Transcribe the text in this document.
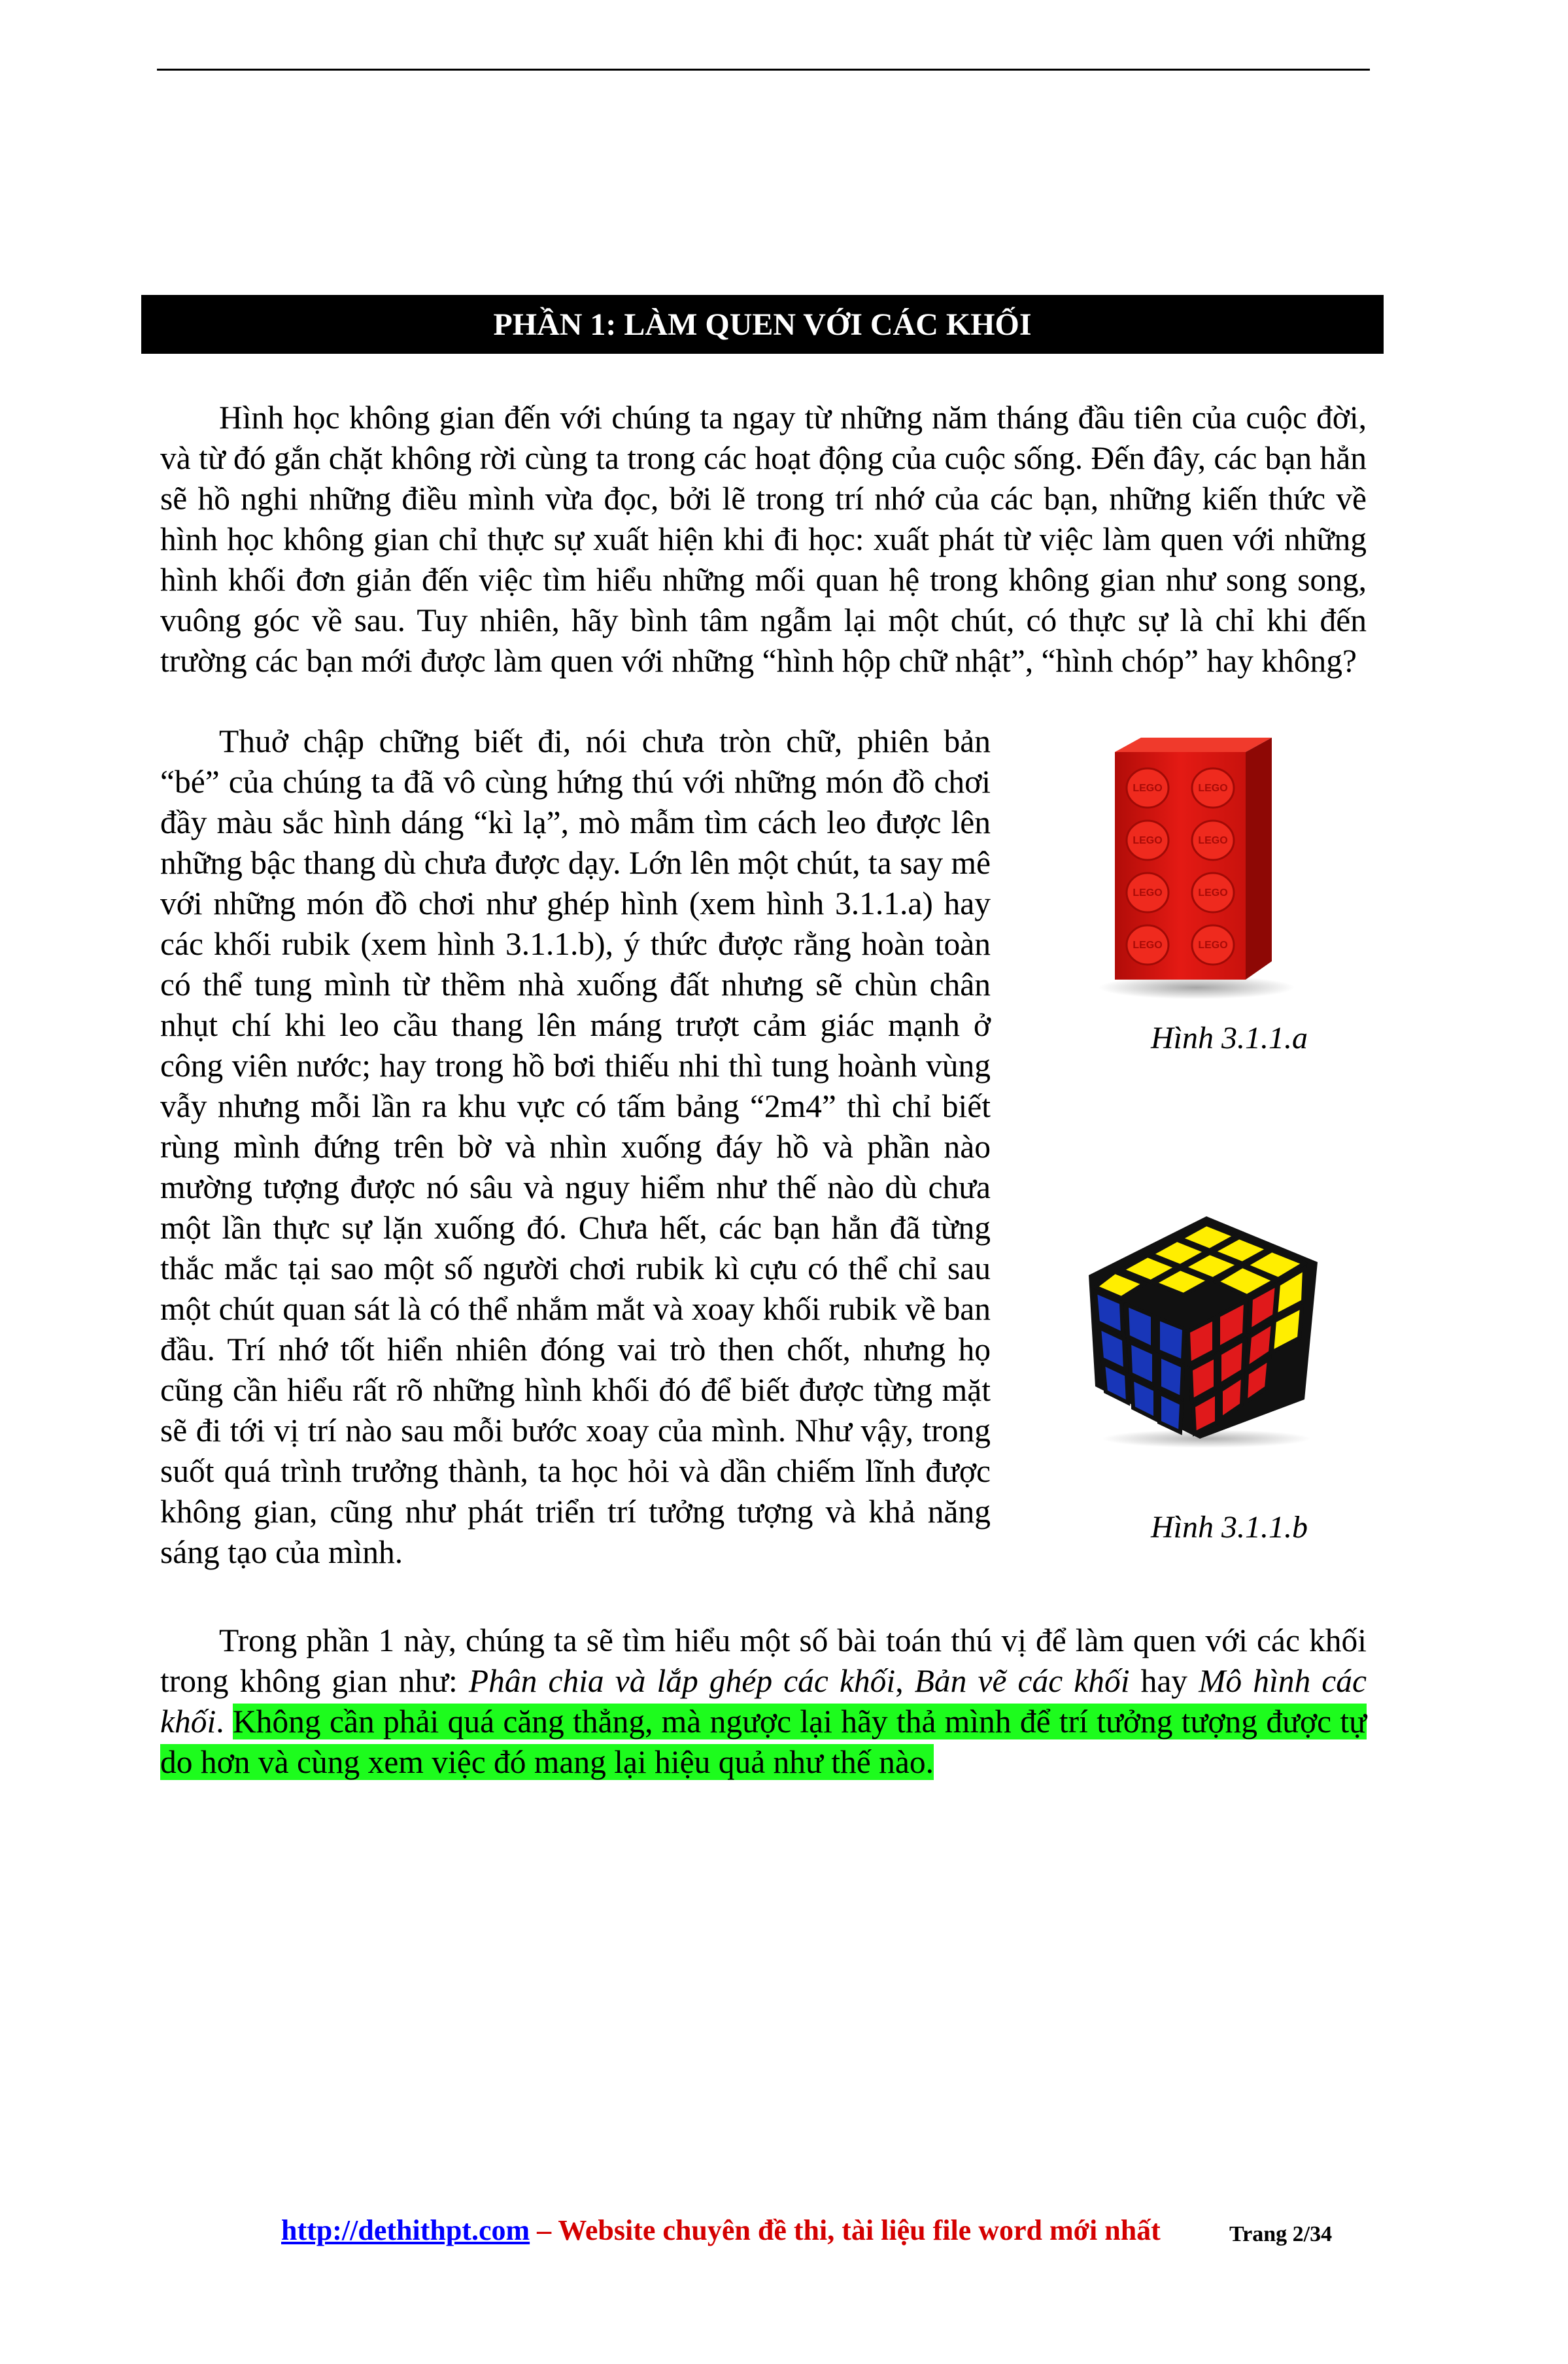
PHẦN 1: LÀM QUEN VỚI CÁC KHỐI

Hình học không gian đến với chúng ta ngay từ những năm tháng đầu tiên của cuộc đời, và từ đó gắn chặt không rời cùng ta trong các hoạt động của cuộc sống. Đến đây, các bạn hẳn sẽ hồ nghi những điều mình vừa đọc, bởi lẽ trong trí nhớ của các bạn, những kiến thức về hình học không gian chỉ thực sự xuất hiện khi đi học: xuất phát từ việc làm quen với những hình khối đơn giản đến việc tìm hiểu những mối quan hệ trong không gian như song song, vuông góc về sau. Tuy nhiên, hãy bình tâm ngẫm lại một chút, có thực sự là chỉ khi đến trường các bạn mới được làm quen với những “hình hộp chữ nhật”, “hình chóp” hay không?

Thuở chập chững biết đi, nói chưa tròn chữ, phiên bản “bé” của chúng ta đã vô cùng hứng thú với những món đồ chơi đầy màu sắc hình dáng “kì lạ”, mò mẫm tìm cách leo được lên những bậc thang dù chưa được dạy. Lớn lên một chút, ta say mê với những món đồ chơi như ghép hình (xem hình 3.1.1.a) hay các khối rubik (xem hình 3.1.1.b), ý thức được rằng hoàn toàn có thể tung mình từ thềm nhà xuống đất nhưng sẽ chùn chân nhụt chí khi leo cầu thang lên máng trượt cảm giác mạnh ở công viên nước; hay trong hồ bơi thiếu nhi thì tung hoành vùng vẫy nhưng mỗi lần ra khu vực có tấm bảng “2m4” thì chỉ biết rùng mình đứng trên bờ và nhìn xuống đáy hồ và phần nào mường tượng được nó sâu và nguy hiểm như thế nào dù chưa một lần thực sự lặn xuống đó. Chưa hết, các bạn hẳn đã từng thắc mắc tại sao một số người chơi rubik kì cựu có thể chỉ sau một chút quan sát là có thể nhắm mắt và xoay khối rubik về ban đầu. Trí nhớ tốt hiển nhiên đóng vai trò then chốt, nhưng họ cũng cần hiểu rất rõ những hình khối đó để biết được từng mặt sẽ đi tới vị trí nào sau mỗi bước xoay của mình. Như vậy, trong suốt quá trình trưởng thành, ta học hỏi và dần chiếm lĩnh được không gian, cũng như phát triển trí tưởng tượng và khả năng sáng tạo của mình.

LEGO	LEGO
LEGO	LEGO
LEGO	LEGO
LEGO	LEGO
Hình 3.1.1.a
Hình 3.1.1.b

Trong phần 1 này, chúng ta sẽ tìm hiểu một số bài toán thú vị để làm quen với các khối trong không gian như: Phân chia và lắp ghép các khối, Bản vẽ các khối hay Mô hình các khối. Không cần phải quá căng thẳng, mà ngược lại hãy thả mình để trí tưởng tượng được tự do hơn và cùng xem việc đó mang lại hiệu quả như thế nào.

http://dethithpt.com – Website chuyên đề thi, tài liệu file word mới nhất	Trang 2/34
